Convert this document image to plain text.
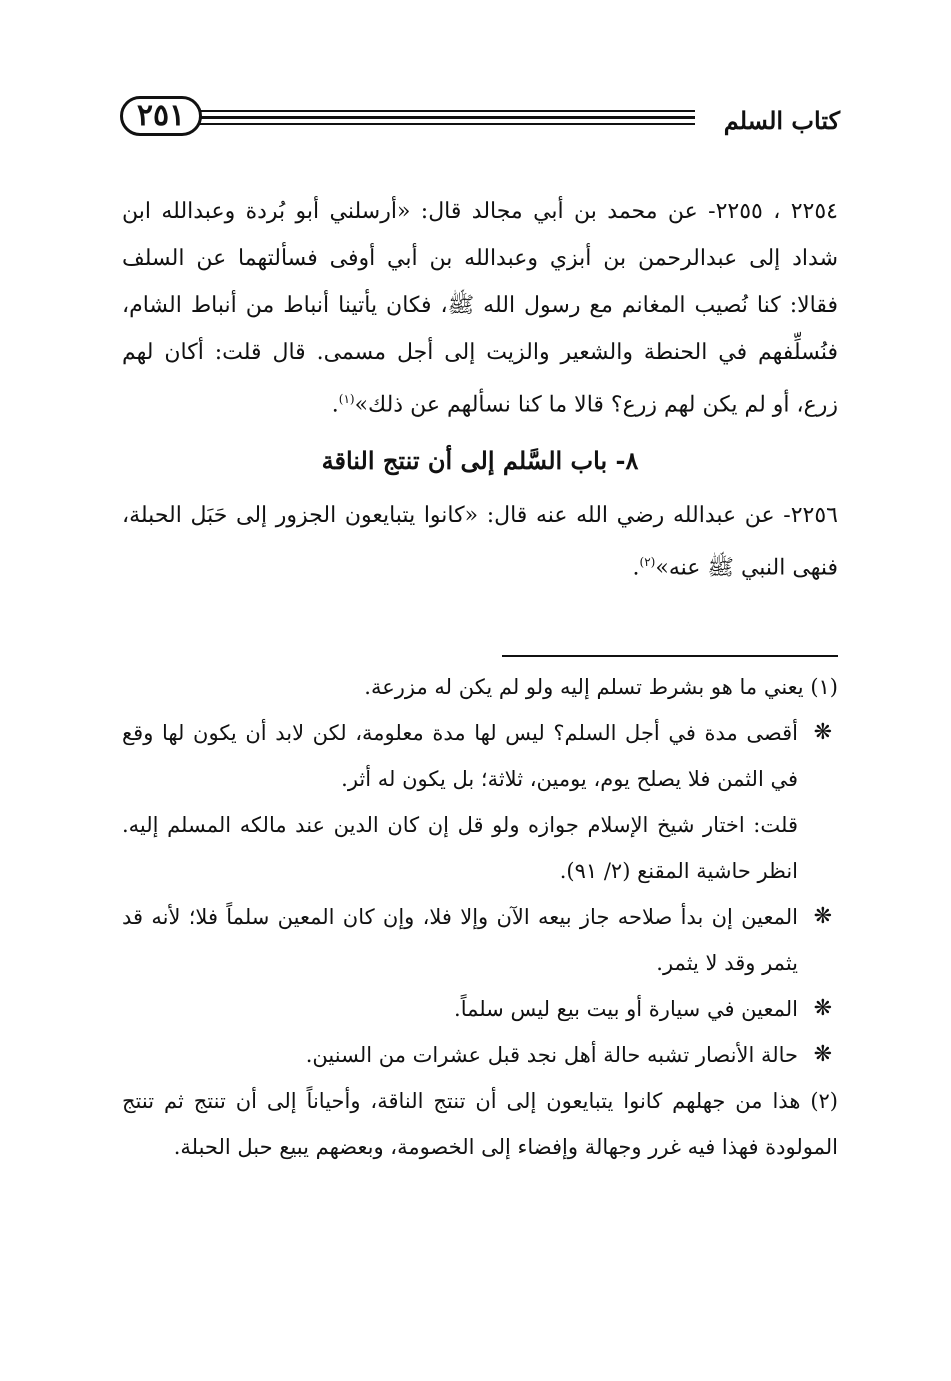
كتاب السلم
٢٥١

٢٢٥٤ ، ٢٢٥٥- عن محمد بن أبي مجالد قال: «أرسلني أبو بُردة وعبدالله ابن شداد إلى عبدالرحمن بن أبزي وعبدالله بن أبي أوفى فسألتهما عن السلف فقالا: كنا نُصيب المغانم مع رسول الله ﷺ، فكان يأتينا أنباط من أنباط الشام، فنُسلِّفهم في الحنطة والشعير والزيت إلى أجل مسمى. قال قلت: أكان لهم زرع، أو لم يكن لهم زرع؟ قالا ما كنا نسألهم عن ذلك»$^{(١)}$.

٨- باب السَّلم إلى أن تنتج الناقة

٢٢٥٦- عن عبدالله رضي الله عنه قال: «كانوا يتبايعون الجزور إلى حَبَل الحبلة، فنهى النبي ﷺ عنه»$^{(٢)}$.

(١) يعني ما هو بشرط تسلم إليه ولو لم يكن له مزرعة.

❋
أقصى مدة في أجل السلم؟ ليس لها مدة معلومة، لكن لابد أن يكون لها وقع في الثمن فلا يصلح يوم، يومين، ثلاثة؛ بل يكون له أثر.

قلت: اختار شيخ الإسلام جوازه ولو قل إن كان الدين عند مالكه المسلم إليه. انظر حاشية المقنع (٢/ ٩١).

❋
المعين إن بدأ صلاحه جاز بيعه الآن وإلا فلا، وإن كان المعين سلماً فلا؛ لأنه قد يثمر وقد لا يثمر.

❋
المعين في سيارة أو بيت بيع ليس سلماً.

❋
حالة الأنصار تشبه حالة أهل نجد قبل عشرات من السنين.

(٢) هذا من جهلهم كانوا يتبايعون إلى أن تنتج الناقة، وأحياناً إلى أن تنتج ثم تنتج المولودة فهذا فيه غرر وجهالة وإفضاء إلى الخصومة، وبعضهم يبيع حبل الحبلة.
